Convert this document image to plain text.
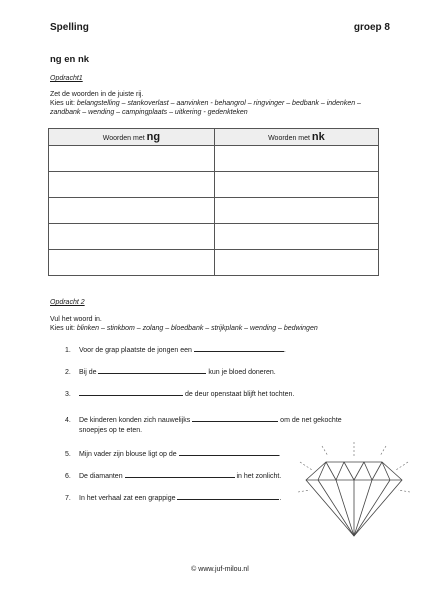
Spelling	groep 8
ng en nk
Opdracht1
Zet de woorden in de juiste rij.
Kies uit: belangstelling – stankoverlast – aanvinken - behangrol – ringvinger – bedbank – indenken –
zandbank – wending – campingplaats – uitkering - gedenkteken
Woorden met ng	Woorden met nk

Opdracht 2
Vul het woord in.
Kies uit: blinken – stinkbom – zolang – bloedbank – strijkplank – wending – bedwingen
1. Voor de grap plaatste de jongen een	.
2. Bij de	kun je bloed doneren.
3.	de deur openstaat blijft het tochten.
4. De kinderen konden zich nauwelijks	om de net gekochte
snoepjes op te eten.
5. Mijn vader zijn blouse ligt op de	.
6. De diamanten	in het zonlicht.
7. In het verhaal zat een grappige	.
© www.juf-milou.nl
